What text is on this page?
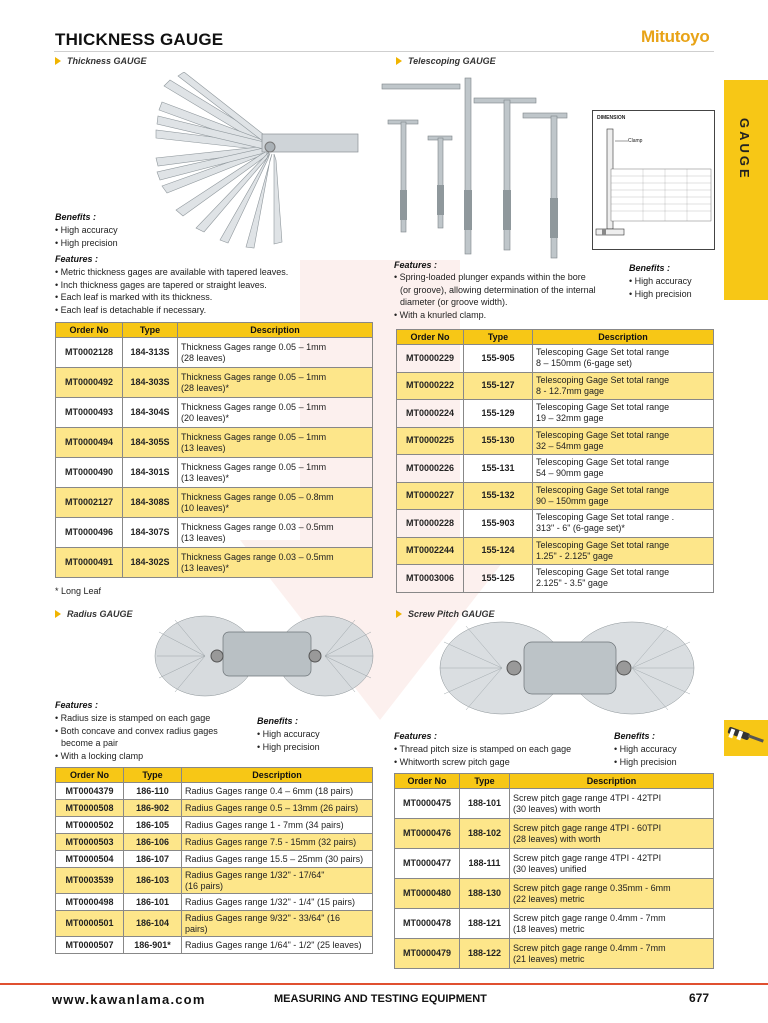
THICKNESS GAUGE	Mitutoyo
GAUGE
Thickness GAUGE
Benefits :
• High accuracy
• High precision
Features :
• Metric thickness gages are available with tapered leaves.
• Inch thickness gages are tapered or straight leaves.
• Each leaf is marked with its thickness.
• Each leaf is detachable if necessary.
Order No	Type	Description
MT0002128	184-313S	Thickness Gages range 0.05 – 1mm
(28 leaves)

MT0000492	184-303S	Thickness Gages range 0.05 – 1mm
(28 leaves)*

MT0000493	184-304S	Thickness Gages range 0.05 – 1mm
(20 leaves)*

MT0000494	184-305S	Thickness Gages range 0.05 – 1mm
(13 leaves)

MT0000490	184-301S	Thickness Gages range 0.05 – 1mm
(13 leaves)*

MT0002127	184-308S	Thickness Gages range 0.05 – 0.8mm
(10 leaves)*

MT0000496	184-307S	Thickness Gages range 0.03 – 0.5mm
(13 leaves)

MT0000491	184-302S	Thickness Gages range 0.03 – 0.5mm
(13 leaves)*
* Long Leaf
Telescoping GAUGE
DIMENSION
Clamp
Features :
• Spring-loaded plunger expands within the bore
(or groove), allowing determination of the internal
diameter (or groove width).
• With a knurled clamp.
Benefits :
• High accuracy
• High precision
Order No	Type	Description
MT0000229	155-905	Telescoping Gage Set total range
8 – 150mm (6-gage set)

MT0000222	155-127	Telescoping Gage Set total range
8 - 12.7mm gage

MT0000224	155-129	Telescoping Gage Set total range
19 – 32mm gage

MT0000225	155-130	Telescoping Gage Set total range
32 – 54mm gage

MT0000226	155-131	Telescoping Gage Set total range
54 – 90mm gage

MT0000227	155-132	Telescoping Gage Set total range
90 – 150mm gage

MT0000228	155-903	Telescoping Gage Set total range .
313" - 6" (6-gage set)*

MT0002244	155-124	Telescoping Gage Set total range
1.25" - 2.125" gage

MT0003006	155-125	Telescoping Gage Set total range
2.125" - 3.5" gage
Radius GAUGE
Features :
• Radius size is stamped on each gage
• Both concave and convex radius gages
become a pair
• With a locking clamp
Benefits :
• High accuracy
• High precision
Order No	Type	Description
MT0004379	186-110	Radius Gages range 0.4 – 6mm (18 pairs)

MT0000508	186-902	Radius Gages range 0.5 – 13mm (26 pairs)

MT0000502	186-105	Radius Gages range 1 - 7mm (34 pairs)

MT0000503	186-106	Radius Gages range 7.5 - 15mm (32 pairs)

MT0000504	186-107	Radius Gages range 15.5 – 25mm (30 pairs)

MT0003539	186-103	Radius Gages range 1/32" - 17/64"
(16 pairs)

MT0000498	186-101	Radius Gages range 1/32" - 1/4" (15 pairs)

MT0000501	186-104	Radius Gages range 9/32" - 33/64" (16
pairs)

MT0000507	186-901*	Radius Gages range 1/64" - 1/2" (25 leaves)
Screw Pitch GAUGE
Features :
• Thread pitch size is stamped on each gage
• Whitworth screw pitch gage
Benefits :
• High accuracy
• High precision
Order No	Type	Description
MT0000475	188-101	Screw pitch gage range 4TPI - 42TPI
(30 leaves) with worth

MT0000476	188-102	Screw pitch gage range 4TPI - 60TPI
(28 leaves) with worth

MT0000477	188-111	Screw pitch gage range 4TPI - 42TPI
(30 leaves) unified

MT0000480	188-130	Screw pitch gage range 0.35mm - 6mm
(22 leaves) metric

MT0000478	188-121	Screw pitch gage range 0.4mm - 7mm
(18 leaves) metric

MT0000479	188-122	Screw pitch gage range 0.4mm - 7mm
(21 leaves) metric
www.kawanlama.com	MEASURING AND TESTING EQUIPMENT	677
